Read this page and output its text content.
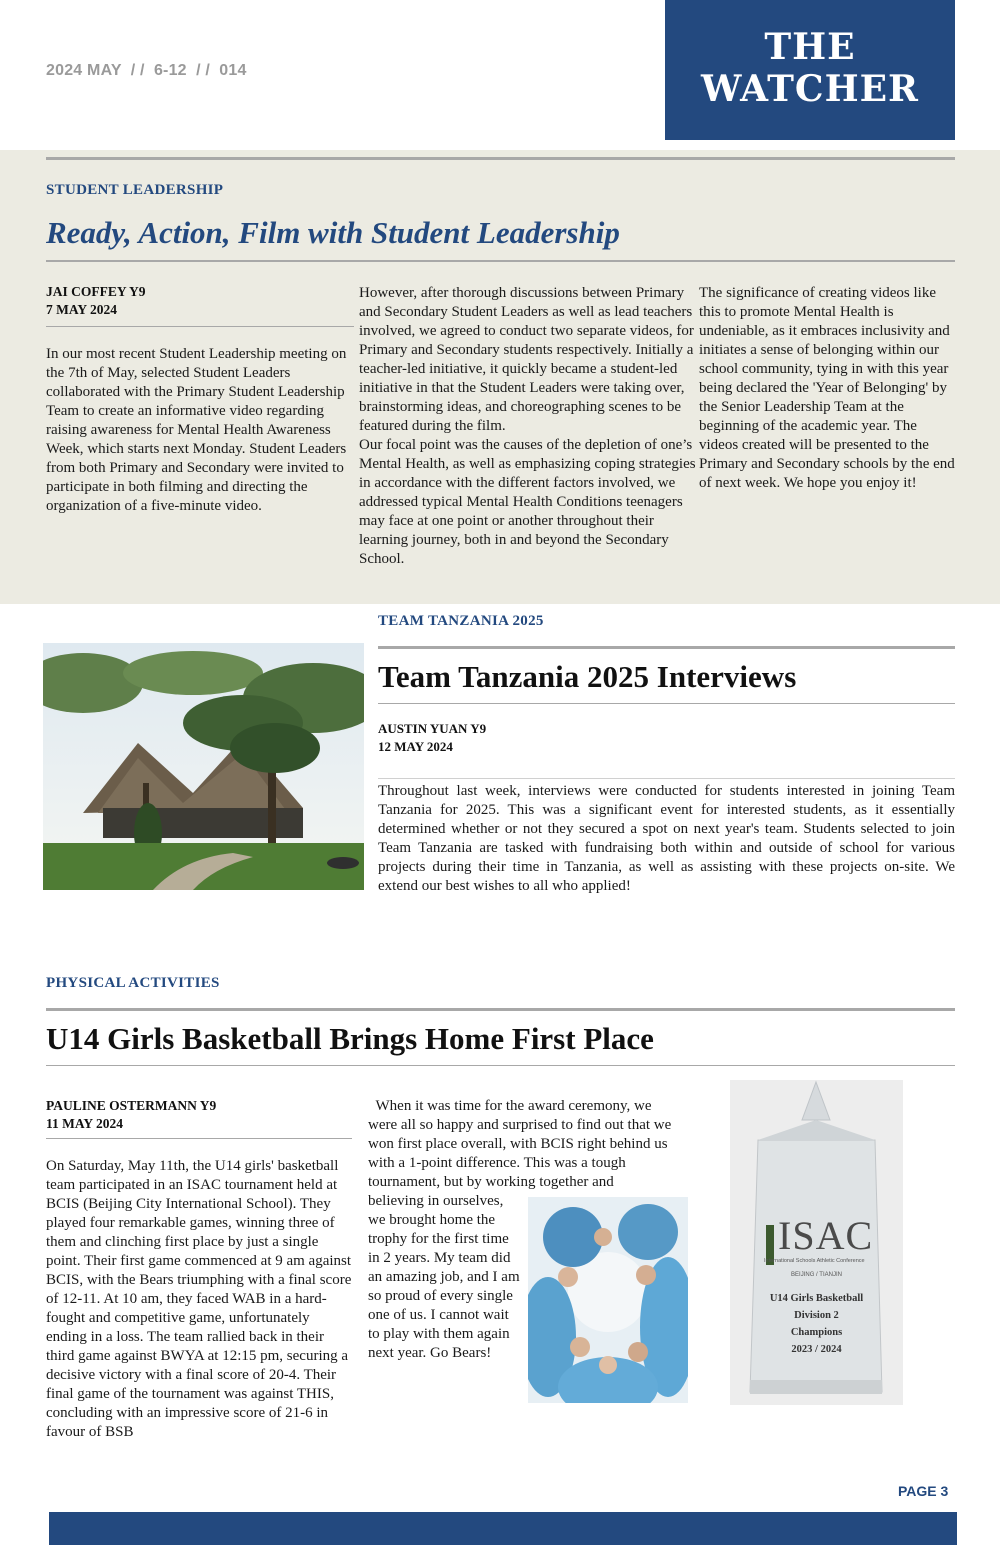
2024 MAY  / /  6-12  / /  014
THE
WATCHER
STUDENT LEADERSHIP
Ready, Action, Film with Student Leadership
JAI COFFEY Y9
7 MAY 2024
In our most recent Student Leadership meeting on the 7th of May, selected Student Leaders collaborated with the Primary Student Leadership Team to create an informative video regarding raising awareness for Mental Health Awareness Week, which starts next Monday. Student Leaders from both Primary and Secondary were invited to participate in both filming and directing the organization of a five-minute video.
However, after thorough discussions between Primary and Secondary Student Leaders as well as lead teachers involved, we agreed to conduct two separate videos, for Primary and Secondary students respectively. Initially a teacher-led initiative, it quickly became a student-led initiative in that the Student Leaders were taking over, brainstorming ideas, and choreographing scenes to be featured during the film.
Our focal point was the causes of the depletion of one’s Mental Health, as well as emphasizing coping strategies in accordance with the different factors involved, we addressed typical Mental Health Conditions teenagers may face at one point or another throughout their learning journey, both in and beyond the Secondary School.
The significance of creating videos like this to promote Mental Health is undeniable, as it embraces inclusivity and initiates a sense of belonging within our school community, tying in with this year being declared the 'Year of Belonging' by the Senior Leadership Team at the beginning of the academic year. The videos created will be presented to the Primary and Secondary schools by the end of next week. We hope you enjoy it!
TEAM TANZANIA 2025
Team Tanzania 2025 Interviews
AUSTIN YUAN Y9
12 MAY 2024
Throughout last week, interviews were conducted for students interested in joining Team Tanzania for 2025. This was a significant event for interested students, as it essentially determined whether or not they secured a spot on next year's team. Students selected to join Team Tanzania are tasked with fundraising both within and outside of school for various projects during their time in Tanzania, as well as assisting with these projects on-site. We extend our best wishes to all who applied!
PHYSICAL ACTIVITIES
U14 Girls Basketball Brings Home First Place
PAULINE OSTERMANN Y9
11 MAY 2024
On Saturday, May 11th, the U14 girls' basketball team participated in an ISAC tournament held at BCIS (Beijing City International School). They played four remarkable games, winning three of them and clinching first place by just a single point. Their first game commenced at 9 am against BCIS, with the Bears triumphing with a final score of 12-11. At 10 am, they faced WAB in a hard-fought and competitive game, unfortunately ending in a loss. The team rallied back in their third game against BWYA at 12:15 pm, securing a decisive victory with a final score of 20-4. Their final game of the tournament was against THIS, concluding with an impressive score of 21-6 in favour of BSB
When it was time for the award ceremony, we were all so happy and surprised to find out that we won first place overall, with BCIS right behind us with a 1-point difference. This was a tough tournament, but by working together and
believing in ourselves, we brought home the trophy for the first time in 2 years. My team did an amazing job, and I am so proud of every single one of us. I cannot wait to play with them again next year. Go Bears!
ISAC
International Schools Athletic Conference
BEIJING / TIANJIN
U14 Girls Basketball
Division 2
Champions
2023 / 2024
PAGE 3
